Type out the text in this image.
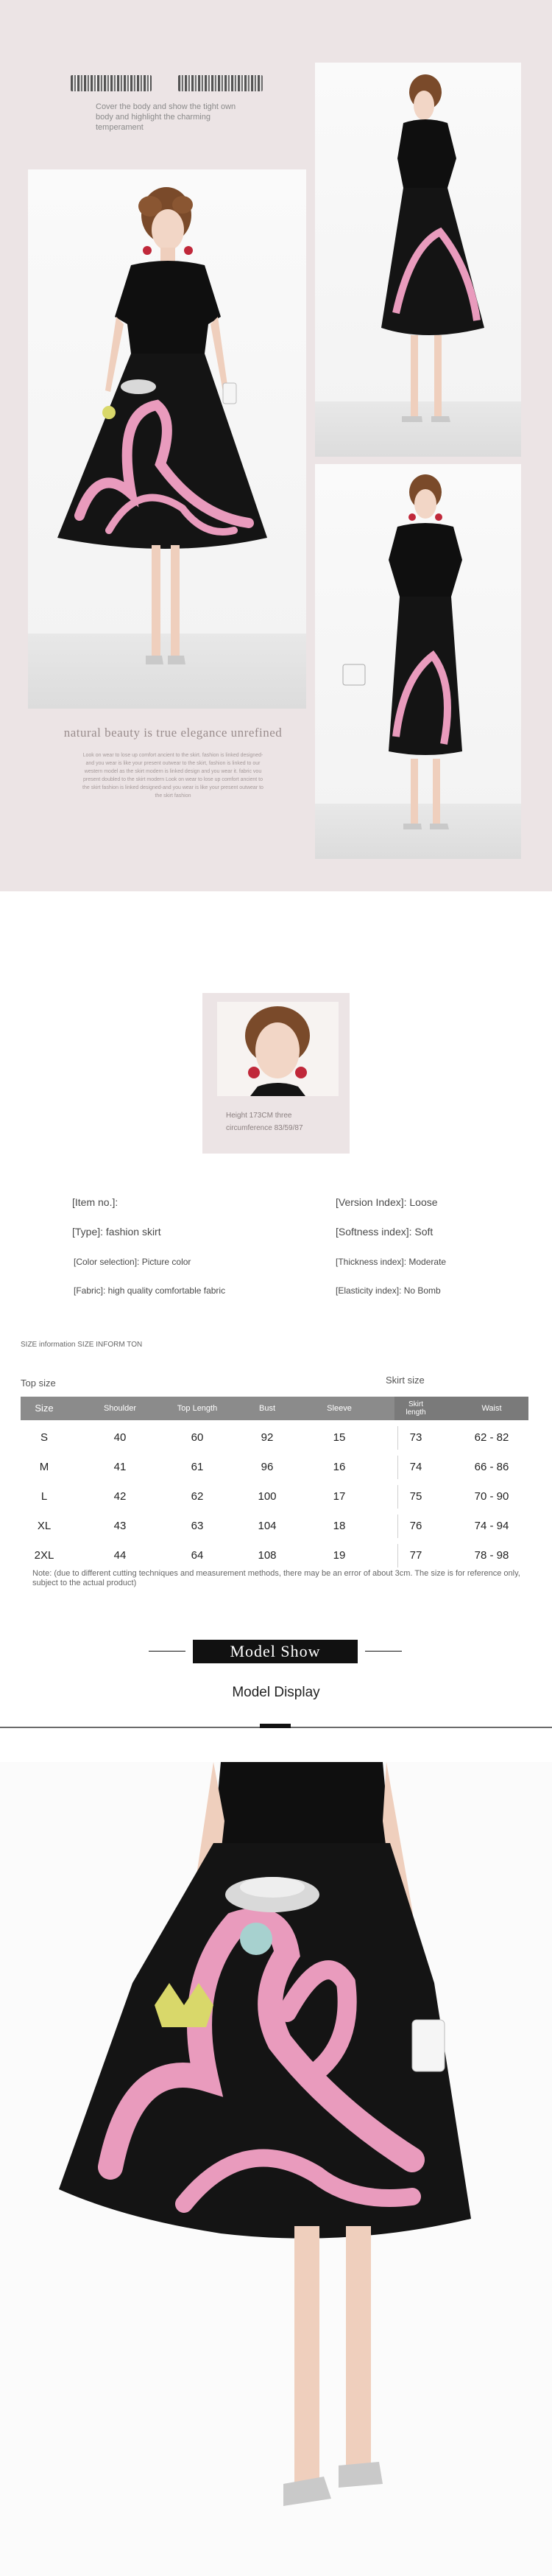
Cover the body and show the tight own body and highlight the charming temperament
natural beauty is true elegance unrefined
Look on wear to lose up comfort ancient to the skirt. fashion is linked designed-and you wear is like your present outwear to the skirt, fashion is linked to our western model as the skirt modern is linked design and you wear it. fabric vou present doubled to the skirt modern Look on wear to lose up comfort ancient to the skirt fashion is linked designed-and you wear is like your present outwear to the skirt fashion
Height 173CM three
circumference 83/59/87
[Item no.]:
[Type]: fashion skirt
[Color selection]: Picture color
[Fabric]: high quality comfortable fabric
[Version Index]: Loose
[Softness index]: Soft
[Thickness index]: Moderate
[Elasticity index]: No Bomb
SIZE information SIZE INFORM TON
Top size	Skirt size
Size	Shoulder	Top Length	Bust	Sleeve	Skirt length	Waist
S	40	60	92	15	73	62 - 82
M	41	61	96	16	74	66 - 86
L	42	62	100	17	75	70 - 90
XL	43	63	104	18	76	74 - 94
2XL	44	64	108	19	77	78 - 98
Note: (due to different cutting techniques and measurement methods, there may be an error of about 3cm. The size is for reference only, subject to the actual product)
Model Show
Model Display
